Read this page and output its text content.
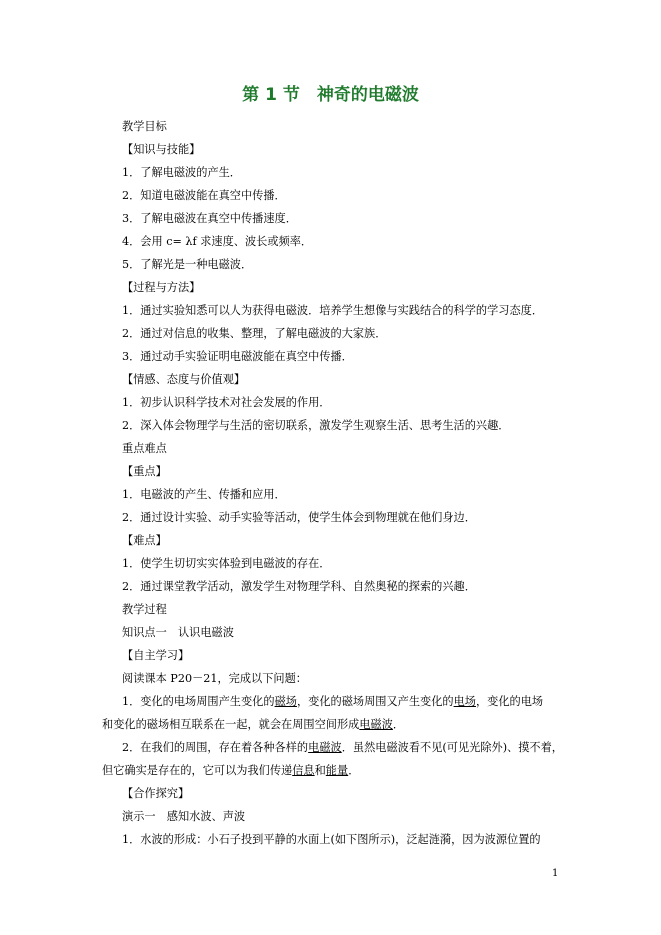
第 1 节　神奇的电磁波
教学目标
【知识与技能】
1．了解电磁波的产生．
2．知道电磁波能在真空中传播．
3．了解电磁波在真空中传播速度．
4．会用 c= λf 求速度、波长或频率．
5．了解光是一种电磁波．
【过程与方法】
1．通过实验知悉可以人为获得电磁波．培养学生想像与实践结合的科学的学习态度．
2．通过对信息的收集、整理，了解电磁波的大家族．
3．通过动手实验证明电磁波能在真空中传播．
【情感、态度与价值观】
1．初步认识科学技术对社会发展的作用．
2．深入体会物理学与生活的密切联系，激发学生观察生活、思考生活的兴趣．
重点难点
【重点】
1．电磁波的产生、传播和应用．
2．通过设计实验、动手实验等活动，使学生体会到物理就在他们身边．
【难点】
1．使学生切切实实体验到电磁波的存在．
2．通过课堂教学活动，激发学生对物理学科、自然奥秘的探索的兴趣．
教学过程
知识点一　认识电磁波
【自主学习】
阅读课本 P20－21，完成以下问题：
1．变化的电场周围产生变化的磁场，变化的磁场周围又产生变化的电场，变化的电场
和变化的磁场相互联系在一起，就会在周围空间形成电磁波．
2．在我们的周围，存在着各种各样的电磁波．虽然电磁波看不见(可见光除外)、摸不着，
但它确实是存在的，它可以为我们传递信息和能量．
【合作探究】
演示一　感知水波、声波
1．水波的形成：小石子投到平静的水面上(如下图所示)，泛起涟漪，因为波源位置的
1
